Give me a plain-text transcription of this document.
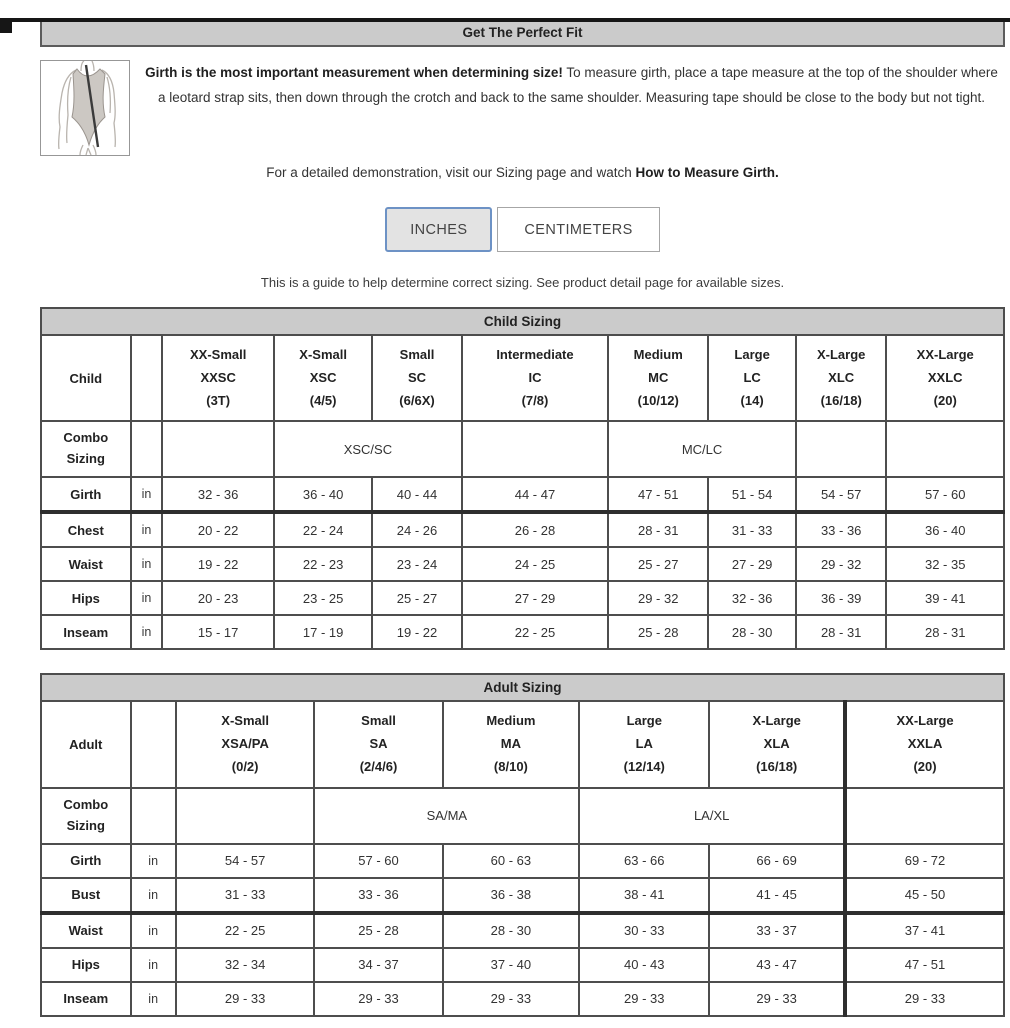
Get The Perfect Fit
Girth is the most important measurement when determining size! To measure girth, place a tape measure at the top of the shoulder where a leotard strap sits, then down through the crotch and back to the same shoulder. Measuring tape should be close to the body but not tight.
For a detailed demonstration, visit our Sizing page and watch How to Measure Girth.
INCHES	CENTIMETERS
This is a guide to help determine correct sizing. See product detail page for available sizes.
Child Sizing									
Child		XX-Small
XXSC
(3T)	X-Small
XSC
(4/5)	Small
SC
(6/6X)	Intermediate
IC
(7/8)	Medium
MC
(10/12)	Large
LC
(14)	X-Large
XLC
(16/18)	XX-Large
XXLC
(20)

Combo Sizing			XSC/SC			MC/LC			
Girth	in	32 - 36	36 - 40	40 - 44	44 - 47	47 - 51	51 - 54	54 - 57	57 - 60
Chest	in	20 - 22	22 - 24	24 - 26	26 - 28	28 - 31	31 - 33	33 - 36	36 - 40
Waist	in	19 - 22	22 - 23	23 - 24	24 - 25	25 - 27	27 - 29	29 - 32	32 - 35
Hips	in	20 - 23	23 - 25	25 - 27	27 - 29	29 - 32	32 - 36	36 - 39	39 - 41
Inseam	in	15 - 17	17 - 19	19 - 22	22 - 25	25 - 28	28 - 30	28 - 31	28 - 31
Adult Sizing							
Adult		X-Small
XSA/PA
(0/2)	Small
SA
(2/4/6)	Medium
MA
(8/10)	Large
LA
(12/14)	X-Large
XLA
(16/18)	XX-Large
XXLA
(20)

Combo Sizing			SA/MA		LA/XL		
Girth	in	54 - 57	57 - 60	60 - 63	63 - 66	66 - 69	69 - 72
Bust	in	31 - 33	33 - 36	36 - 38	38 - 41	41 - 45	45 - 50
Waist	in	22 - 25	25 - 28	28 - 30	30 - 33	33 - 37	37 - 41
Hips	in	32 - 34	34 - 37	37 - 40	40 - 43	43 - 47	47 - 51
Inseam	in	29 - 33	29 - 33	29 - 33	29 - 33	29 - 33	29 - 33
